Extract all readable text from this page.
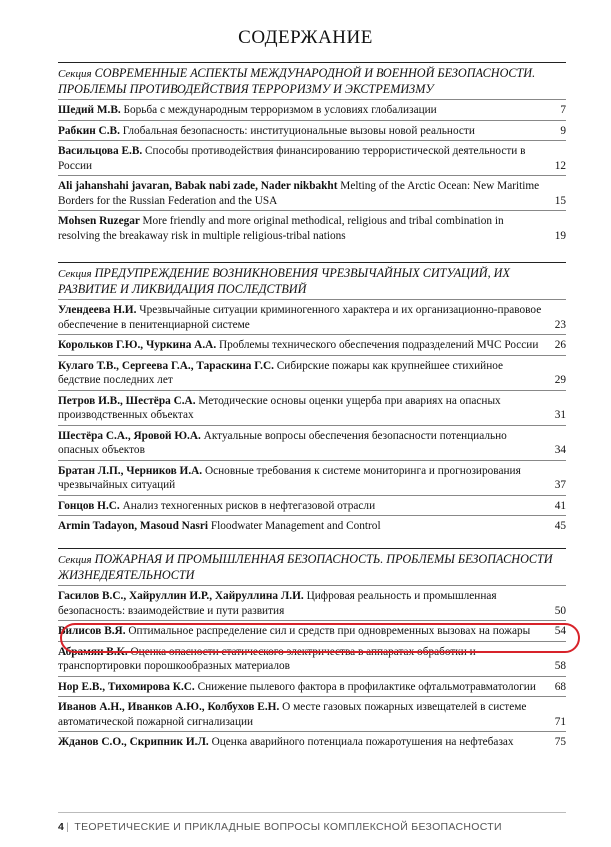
СОДЕРЖАНИЕ
Секция СОВРЕМЕННЫЕ АСПЕКТЫ МЕЖДУНАРОДНОЙ И ВОЕННОЙ БЕЗОПАСНОСТИ. ПРОБЛЕМЫ ПРОТИВОДЕЙСТВИЯ ТЕРРОРИЗМУ И ЭКСТРЕМИЗМУ
Шедий М.В. Борьба с международным терроризмом в условиях глобализации	7
Рабкин С.В. Глобальная безопасность: институциональные вызовы новой реальности	9
Васильцова Е.В. Способы противодействия финансированию террористической деятельности в России	12
Ali jahanshahi javaran, Babak nabi zade, Nader nikbakht Melting of the Arctic Ocean: New Maritime Borders for the Russian Federation and the USA	15
Mohsen Ruzegar More friendly and more original methodical, religious and tribal combination in resolving the breakaway risk in multiple religious-tribal nations	19
Секция ПРЕДУПРЕЖДЕНИЕ ВОЗНИКНОВЕНИЯ ЧРЕЗВЫЧАЙНЫХ СИТУАЦИЙ, ИХ РАЗВИТИЕ И ЛИКВИДАЦИЯ ПОСЛЕДСТВИЙ
Улендеева Н.И. Чрезвычайные ситуации криминогенного характера и их организационно-правовое обеспечение в пенитенциарной системе	23
Корольков Г.Ю., Чуркина А.А. Проблемы технического обеспечения подразделений МЧС России 26
Кулаго Т.В., Сергеева Г.А., Тараскина Г.С. Сибирские пожары как крупнейшее стихийное бедствие последних лет	29
Петров И.В., Шестёра С.А. Методические основы оценки ущерба при авариях на опасных производственных объектах	31
Шестёра С.А., Яровой Ю.А. Актуальные вопросы обеспечения безопасности потенциально опасных объектов	34
Братан Л.П., Черников И.А. Основные требования к системе мониторинга и прогнозирования чрезвычайных ситуаций	37
Гонцов Н.С. Анализ техногенных рисков в нефтегазовой отрасли	41
Armin Tadayon, Masoud Nasri Floodwater Management and Control	45
Секция ПОЖАРНАЯ И ПРОМЫШЛЕННАЯ БЕЗОПАСНОСТЬ. ПРОБЛЕМЫ БЕЗОПАСНОСТИ ЖИЗНЕДЕЯТЕЛЬНОСТИ
Гасилов В.С., Хайруллин И.Р., Хайруллина Л.И. Цифровая реальность и промышленная безопасность: взаимодействие и пути развития	50
Вилисов В.Я. Оптимальное распределение сил и средств при одновременных вызовах на пожары 54
Абрамян В.К. Оценка опасности статического электричества в аппаратах обработки и транспортировки порошкообразных материалов	58
Нор Е.В., Тихомирова К.С. Снижение пылевого фактора в профилактике офтальмотравматологии 68
Иванов А.Н., Иванков А.Ю., Колбухов Е.Н. О месте газовых пожарных извещателей в системе автоматической пожарной сигнализации	71
Жданов С.О., Скрипник И.Л. Оценка аварийного потенциала пожаротушения на нефтебазах	75
4 | ТЕОРЕТИЧЕСКИЕ И ПРИКЛАДНЫЕ ВОПРОСЫ КОМПЛЕКСНОЙ БЕЗОПАСНОСТИ
